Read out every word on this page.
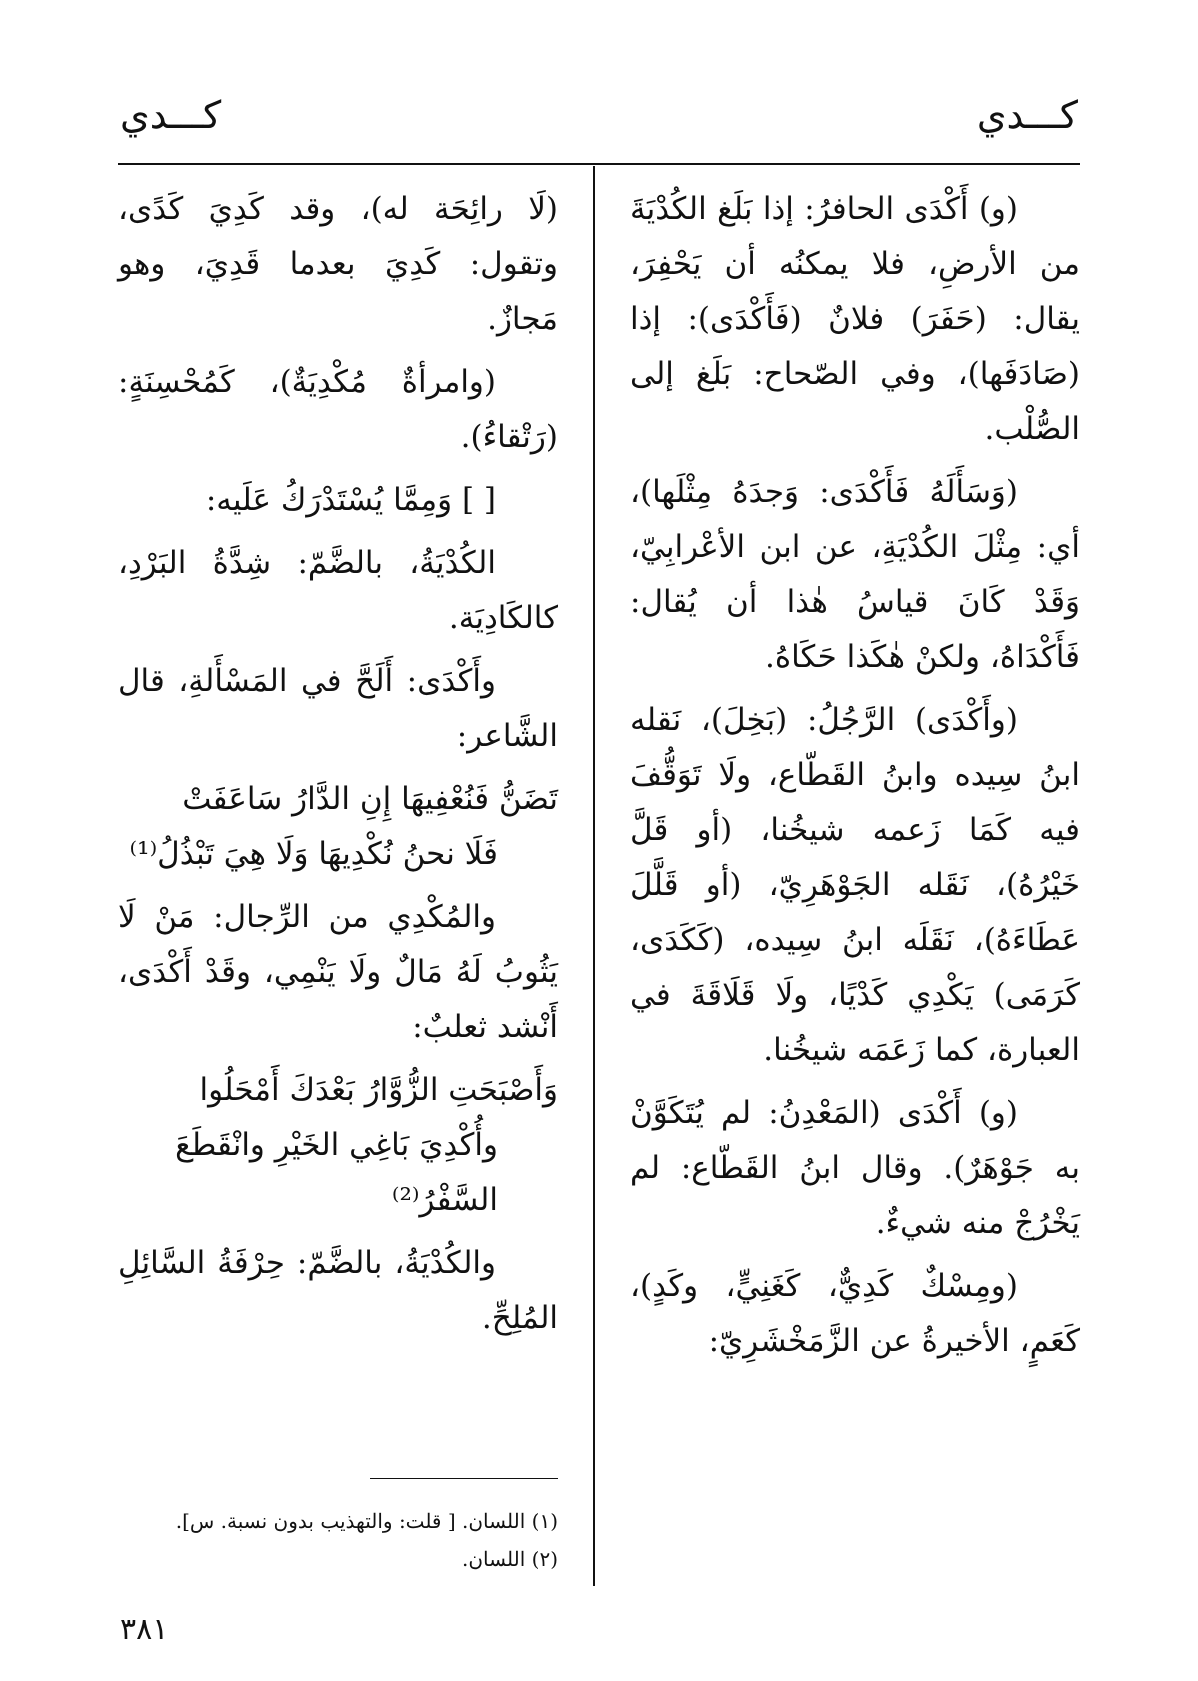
كـــدي
كـــدي

(و) أَكْدَى الحافرُ: إذا بَلَغ الكُدْيَةَ من الأرضِ، فلا يمكنُه أن يَحْفِرَ، يقال: (حَفَرَ) فلانٌ (فَأَكْدَى): إذا (صَادَفَها)، وفي الصّحاح: بَلَغ إلى الصُّلْب.

(وَسَأَلَهُ فَأَكْدَى: وَجدَهُ مِثْلَها)، أي: مِثْلَ الكُدْيَةِ، عن ابن الأعْرابِيّ، وَقَدْ كَانَ قياسُ هٰذا أن يُقال: فَأَكْدَاهُ، ولكنْ هٰكَذا حَكَاهُ.

(وأَكْدَى) الرَّجُلُ: (بَخِلَ)، نَقله ابنُ سِيده وابنُ القَطّاع، ولَا تَوَقُّفَ فيه كَمَا زَعمه شيخُنا، (أو قَلَّ خَيْرُهُ)، نَقَله الجَوْهَرِيّ، (أو قَلَّلَ عَطَاءَهُ)، نَقَلَه ابنُ سِيده، (كَكَدَى، كَرَمَى) يَكْدِي كَدْيًا، ولَا قَلَاقَةَ في العبارة، كما زَعَمَه شيخُنا.

(و) أَكْدَى (المَعْدِنُ: لم يُتَكَوَّنْ به جَوْهَرٌ). وقال ابنُ القَطّاع: لم يَخْرُجْ منه شيءٌ.

(ومِسْكٌ كَدِيٌّ، كَغَنِيٍّ، وكَدٍ)، كَعَمٍ، الأخيرةُ عن الزَّمَخْشَرِيّ:

(لَا رائِحَة له)، وقد كَدِيَ كَدًى، وتقول: كَدِيَ بعدما قَدِيَ، وهو مَجازٌ.

(وامرأةٌ مُكْدِيَةٌ)، كَمُحْسِنَةٍ: (رَتْقاءُ).

[ ] وَمِمَّا يُسْتَدْرَكُ عَلَيه:

الكُدْيَةُ، بالضَّمّ: شِدَّةُ البَرْدِ، كالكَادِيَة.

وأَكْدَى: أَلَحَّ في المَسْأَلةِ، قال الشَّاعر:

تَضَنُّ فَنُعْفِيهَا إِنِ الدَّارُ سَاعَفَتْ
فَلَا نحنُ نُكْدِيهَا وَلَا هِيَ تَبْذُلُ⁽¹⁾

والمُكْدِي من الرِّجال: مَنْ لَا يَثُوبُ لَهُ مَالٌ ولَا يَنْمِي، وقَدْ أَكْدَى، أَنْشد ثعلبٌ:

وَأَصْبَحَتِ الزُّوَّارُ بَعْدَكَ أَمْحَلُوا
وأُكْدِيَ بَاغِي الخَيْرِ وانْقَطَعَ السَّفْرُ⁽²⁾

والكُدْيَةُ، بالضَّمّ: حِرْفَةُ السَّائِلِ المُلِحِّ.

(١) اللسان. [ قلت: والتهذيب بدون نسبة. س].
(٢) اللسان.
٣٨١
